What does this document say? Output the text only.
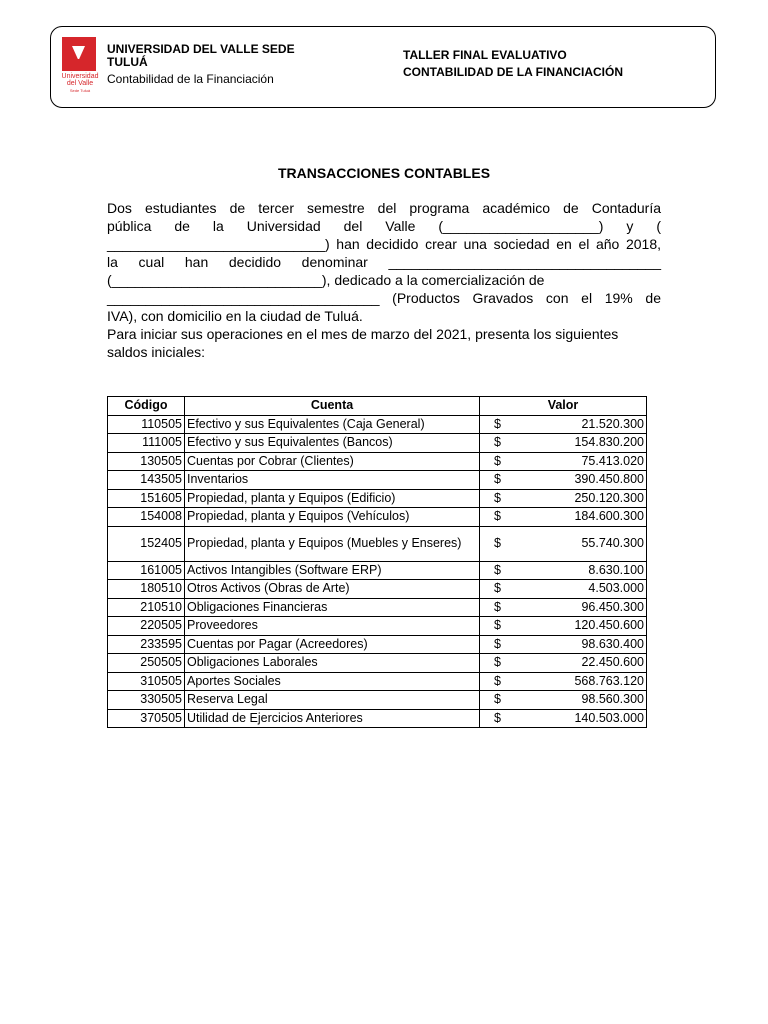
Universidad del Valle
Sede Tuluá
UNIVERSIDAD DEL VALLE SEDE TULUÁ
Contabilidad de la Financiación
TALLER FINAL EVALUATIVO
CONTABILIDAD DE LA FINANCIACIÓN
TRANSACCIONES CONTABLES
Dos estudiantes de tercer semestre del programa académico de Contaduría
pública de la Universidad del Valle (____________________) y (
____________________________) han decidido crear una sociedad en el año 2018,
la cual han decidido denominar ___________________________________
(___________________________), dedicado a la comercialización de
___________________________________ (Productos Gravados con el 19% de
IVA), con domicilio en la ciudad de Tuluá.
Para iniciar sus operaciones en el mes de marzo del 2021, presenta los siguientes
saldos iniciales:
Código	Cuenta	Valor	
110505	Efectivo y sus Equivalentes (Caja General)	$	21.520.300
111005	Efectivo y sus Equivalentes (Bancos)	$	154.830.200
130505	Cuentas por Cobrar (Clientes)	$	75.413.020
143505	Inventarios	$	390.450.800
151605	Propiedad, planta y Equipos (Edificio)	$	250.120.300
154008	Propiedad, planta y Equipos (Vehículos)	$	184.600.300
152405	Propiedad, planta y Equipos (Muebles y Enseres)	$	55.740.300
161005	Activos Intangibles (Software ERP)	$	8.630.100
180510	Otros Activos (Obras de Arte)	$	4.503.000
210510	Obligaciones Financieras	$	96.450.300
220505	Proveedores	$	120.450.600
233595	Cuentas por Pagar (Acreedores)	$	98.630.400
250505	Obligaciones Laborales	$	22.450.600
310505	Aportes Sociales	$	568.763.120
330505	Reserva Legal	$	98.560.300
370505	Utilidad de Ejercicios Anteriores	$	140.503.000
